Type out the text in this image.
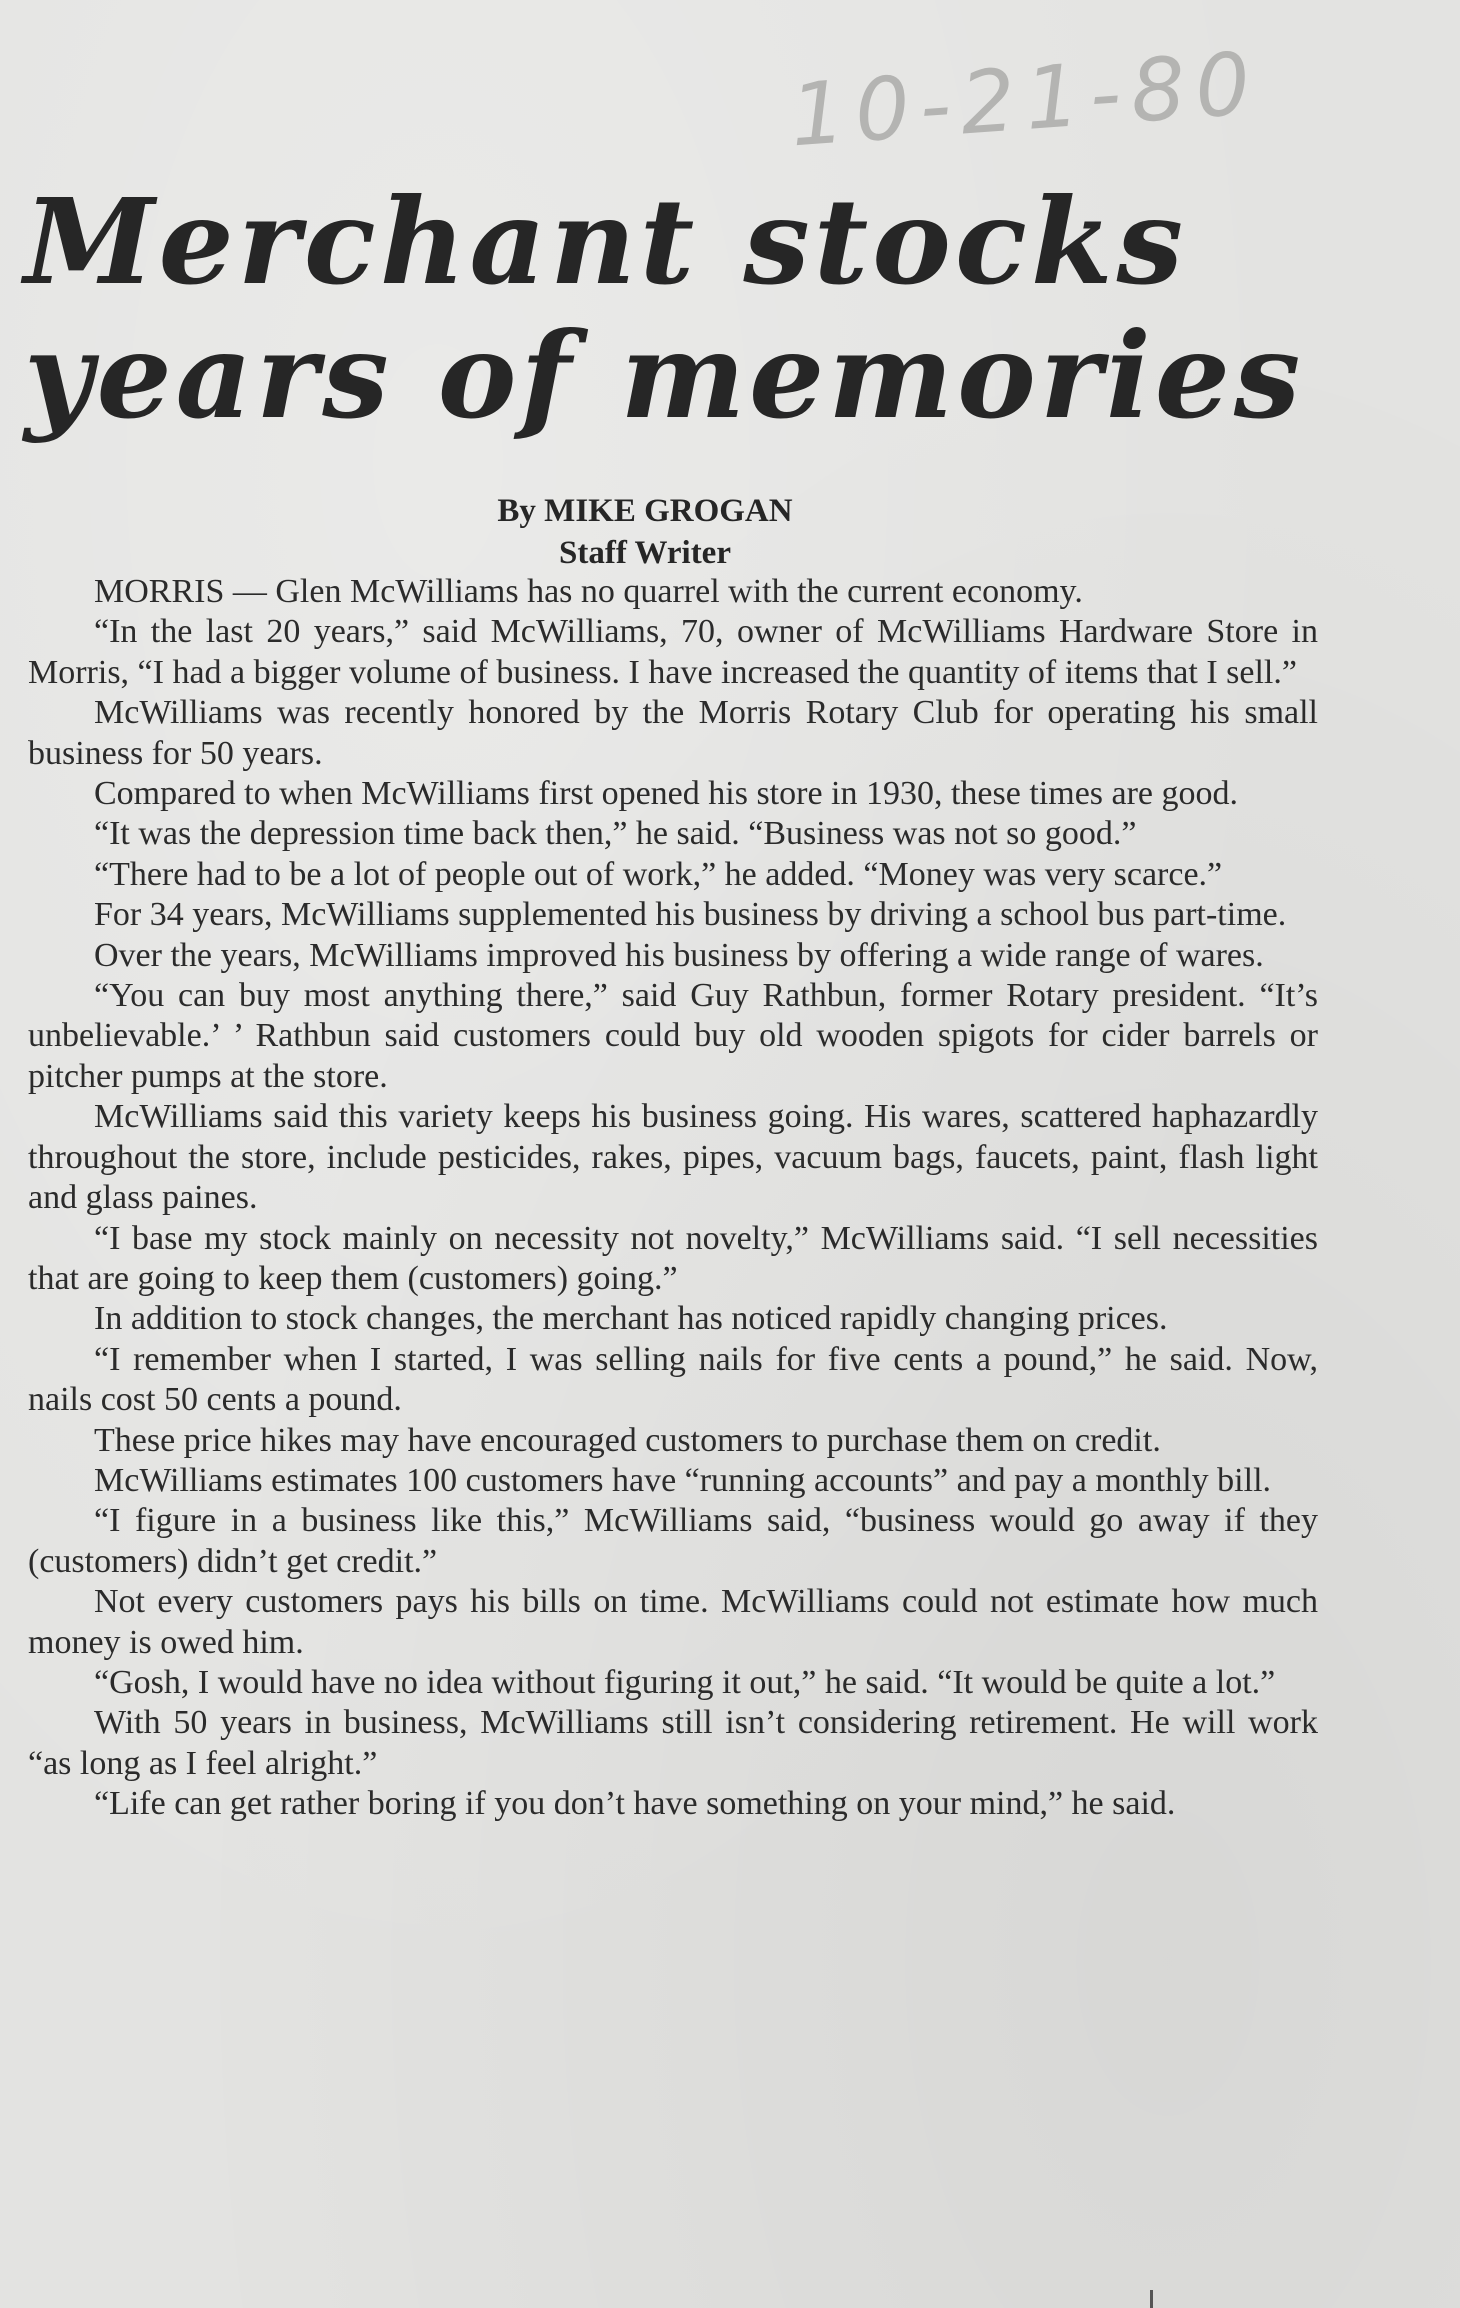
10-21-80
Merchant stocks
years of memories
By MIKE GROGAN
Staff Writer

MORRIS — Glen McWilliams has no quarrel with the current economy.

“In the last 20 years,” said McWilliams, 70, owner of McWilliams Hardware Store in Morris, “I had a bigger volume of business. I have increased the quantity of items that I sell.”

McWilliams was recently honored by the Morris Rotary Club for operating his small business for 50 years.

Compared to when McWilliams first opened his store in 1930, these times are good.

“It was the depression time back then,” he said. “Business was not so good.”

“There had to be a lot of people out of work,” he added. “Money was very scarce.”

For 34 years, McWilliams supplemented his business by driving a school bus part-time.

Over the years, McWilliams improved his business by offering a wide range of wares.

“You can buy most anything there,” said Guy Rathbun, former Rotary president. “It’s unbelievable.’ ’ Rathbun said customers could buy old wooden spigots for cider barrels or pitcher pumps at the store.

McWilliams said this variety keeps his business going. His wares, scattered haphazardly throughout the store, include pesticides, rakes, pipes, vacuum bags, faucets, paint, flash light and glass paines.

“I base my stock mainly on necessity not novelty,” McWilliams said. “I sell necessities that are going to keep them (customers) going.”

In addition to stock changes, the merchant has noticed rapidly changing prices.

“I remember when I started, I was selling nails for five cents a pound,” he said. Now, nails cost 50 cents a pound.

These price hikes may have encouraged customers to purchase them on credit.

McWilliams estimates 100 customers have “running accounts” and pay a monthly bill.

“I figure in a business like this,” McWilliams said, “business would go away if they (customers) didn’t get credit.”

Not every customers pays his bills on time. McWilliams could not estimate how much money is owed him.

“Gosh, I would have no idea without figuring it out,” he said. “It would be quite a lot.”

With 50 years in business, McWilliams still isn’t considering retirement. He will work “as long as I feel alright.”

“Life can get rather boring if you don’t have something on your mind,” he said.
